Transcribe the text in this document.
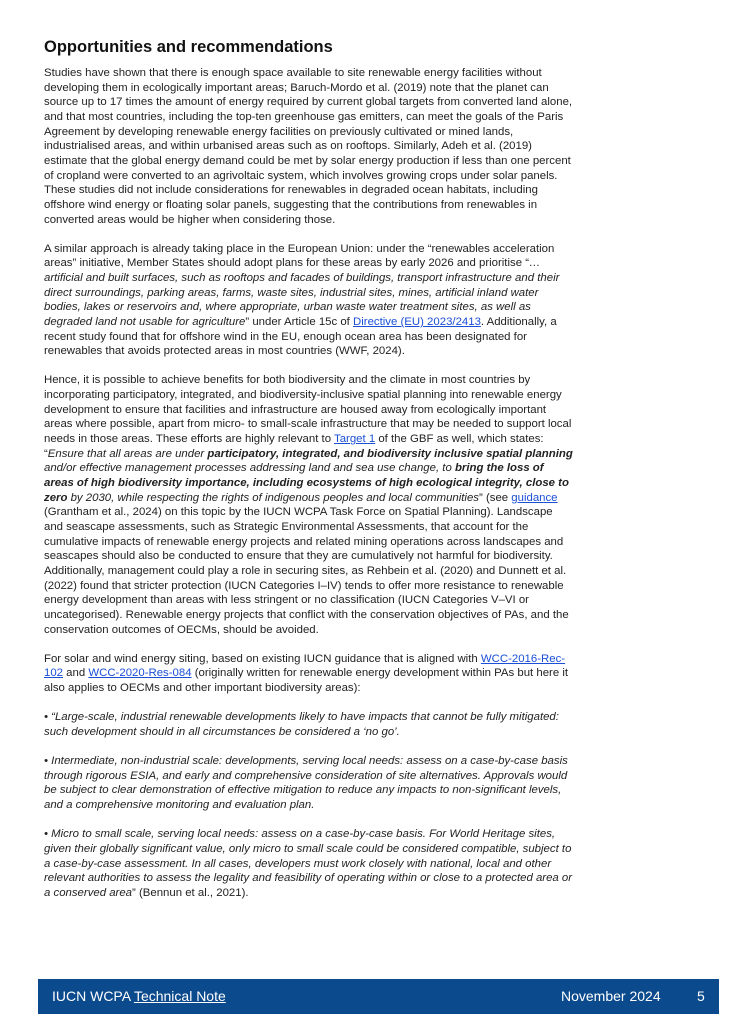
Opportunities and recommendations

Studies have shown that there is enough space available to site renewable energy facilities without developing them in ecologically important areas; Baruch-Mordo et al. (2019) note that the planet can source up to 17 times the amount of energy required by current global targets from converted land alone, and that most countries, including the top-ten greenhouse gas emitters, can meet the goals of the Paris Agreement by developing renewable energy facilities on previously cultivated or mined lands, industrialised areas, and within urbanised areas such as on rooftops. Similarly, Adeh et al. (2019) estimate that the global energy demand could be met by solar energy production if less than one percent of cropland were converted to an agrivoltaic system, which involves growing crops under solar panels. These studies did not include considerations for renewables in degraded ocean habitats, including offshore wind energy or floating solar panels, suggesting that the contributions from renewables in converted areas would be higher when considering those.

A similar approach is already taking place in the European Union: under the “renewables acceleration areas” initiative, Member States should adopt plans for these areas by early 2026 and prioritise “…artificial and built surfaces, such as rooftops and facades of buildings, transport infrastructure and their direct surroundings, parking areas, farms, waste sites, industrial sites, mines, artificial inland water bodies, lakes or reservoirs and, where appropriate, urban waste water treatment sites, as well as degraded land not usable for agriculture” under Article 15c of Directive (EU) 2023/2413. Additionally, a recent study found that for offshore wind in the EU, enough ocean area has been designated for renewables that avoids protected areas in most countries (WWF, 2024).

Hence, it is possible to achieve benefits for both biodiversity and the climate in most countries by incorporating participatory, integrated, and biodiversity-inclusive spatial planning into renewable energy development to ensure that facilities and infrastructure are housed away from ecologically important areas where possible, apart from micro- to small-scale infrastructure that may be needed to support local needs in those areas. These efforts are highly relevant to Target 1 of the GBF as well, which states: “Ensure that all areas are under participatory, integrated, and biodiversity inclusive spatial planning and/or effective management processes addressing land and sea use change, to bring the loss of areas of high biodiversity importance, including ecosystems of high ecological integrity, close to zero by 2030, while respecting the rights of indigenous peoples and local communities” (see guidance (Grantham et al., 2024) on this topic by the IUCN WCPA Task Force on Spatial Planning). Landscape and seascape assessments, such as Strategic Environmental Assessments, that account for the cumulative impacts of renewable energy projects and related mining operations across landscapes and seascapes should also be conducted to ensure that they are cumulatively not harmful for biodiversity. Additionally, management could play a role in securing sites, as Rehbein et al. (2020) and Dunnett et al. (2022) found that stricter protection (IUCN Categories I–IV) tends to offer more resistance to renewable energy development than areas with less stringent or no classification (IUCN Categories V–VI or uncategorised). Renewable energy projects that conflict with the conservation objectives of PAs, and the conservation outcomes of OECMs, should be avoided.

For solar and wind energy siting, based on existing IUCN guidance that is aligned with WCC-2016-Rec-102 and WCC-2020-Res-084 (originally written for renewable energy development within PAs but here it also applies to OECMs and other important biodiversity areas):

• “Large-scale, industrial renewable developments likely to have impacts that cannot be fully mitigated: such development should in all circumstances be considered a ‘no go’.

• Intermediate, non-industrial scale: developments, serving local needs: assess on a case-by-case basis through rigorous ESIA, and early and comprehensive consideration of site alternatives. Approvals would be subject to clear demonstration of effective mitigation to reduce any impacts to non-significant levels, and a comprehensive monitoring and evaluation plan.

• Micro to small scale, serving local needs: assess on a case-by-case basis. For World Heritage sites, given their globally significant value, only micro to small scale could be considered compatible, subject to a case-by-case assessment. In all cases, developers must work closely with national, local and other relevant authorities to assess the legality and feasibility of operating within or close to a protected area or a conserved area” (Bennun et al., 2021).

IUCN WCPA Technical Note	November 2024	5
